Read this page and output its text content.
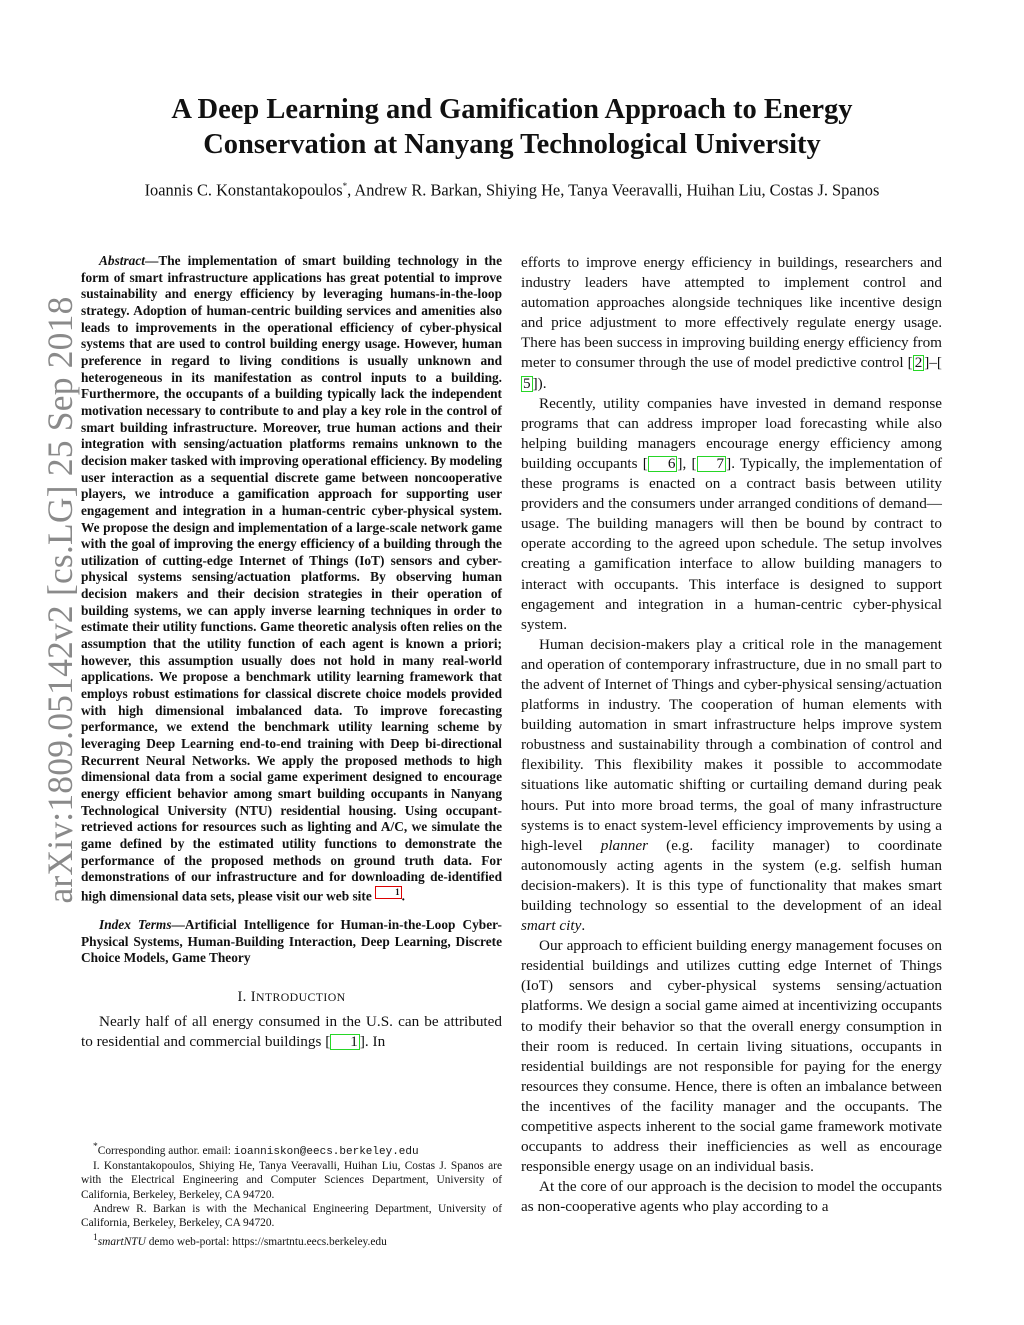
A Deep Learning and Gamification Approach to Energy
Conservation at Nanyang Technological University
Ioannis C. Konstantakopoulos*, Andrew R. Barkan, Shiying He, Tanya Veeravalli, Huihan Liu, Costas J. Spanos
arXiv:1809.05142v2 [cs.LG] 25 Sep 2018

Abstract—The implementation of smart building technology in the form of smart infrastructure applications has great potential to improve sustainability and energy efficiency by leveraging humans-in-the-loop strategy. Adoption of human-centric building services and amenities also leads to improvements in the operational efficiency of cyber-physical systems that are used to control building energy usage. However, human preference in regard to living conditions is usually unknown and heterogeneous in its manifestation as control inputs to a building. Furthermore, the occupants of a building typically lack the independent motivation necessary to contribute to and play a key role in the control of smart building infrastructure. Moreover, true human actions and their integration with sensing/actuation platforms remains unknown to the decision maker tasked with improving operational efficiency. By modeling user interaction as a sequential discrete game between noncooperative players, we introduce a gamification approach for supporting user engagement and integration in a human-centric cyber-physical system. We propose the design and implementation of a large-scale network game with the goal of improving the energy efficiency of a building through the utilization of cutting-edge Internet of Things (IoT) sensors and cyber-physical systems sensing/actuation platforms. By observing human decision makers and their decision strategies in their operation of building systems, we can apply inverse learning techniques in order to estimate their utility functions. Game theoretic analysis often relies on the assumption that the utility function of each agent is known a priori; however, this assumption usually does not hold in many real-world applications. We propose a benchmark utility learning framework that employs robust estimations for classical discrete choice models provided with high dimensional imbalanced data. To improve forecasting performance, we extend the benchmark utility learning scheme by leveraging Deep Learning end-to-end training with Deep bi-directional Recurrent Neural Networks. We apply the proposed methods to high dimensional data from a social game experiment designed to encourage energy efficient behavior among smart building occupants in Nanyang Technological University (NTU) residential housing. Using occupant-retrieved actions for resources such as lighting and A/C, we simulate the game defined by the estimated utility functions to demonstrate the performance of the proposed methods on ground truth data. For demonstrations of our infrastructure and for downloading de-identified high dimensional data sets, please visit our web site	1 .

Index Terms—Artificial Intelligence for Human-in-the-Loop Cyber-Physical Systems, Human-Building Interaction, Deep Learning, Discrete Choice Models, Game Theory

I. INTRODUCTION

Nearly half of all energy consumed in the U.S. can be attributed to residential and commercial buildings [ 1 ]. In

*Corresponding author. email: ioanniskon@eecs.berkeley.edu

I. Konstantakopoulos, Shiying He, Tanya Veeravalli, Huihan Liu, Costas J. Spanos are with the Electrical Engineering and Computer Sciences Department, University of California, Berkeley, Berkeley, CA 94720.

Andrew R. Barkan is with the Mechanical Engineering Department, University of California, Berkeley, Berkeley, CA 94720.

$^1$smartNTU demo web-portal: https://smartntu.eecs.berkeley.edu

efforts to improve energy efficiency in buildings, researchers and industry leaders have attempted to implement control and automation approaches alongside techniques like incentive design and price adjustment to more effectively regulate energy usage. There has been success in improving building energy efficiency from meter to consumer through the use of model predictive control [ 2 ]–[5 ]).

Recently, utility companies have invested in demand response programs that can address improper load forecasting while also helping building managers encourage energy efficiency among building occupants [ 6 ], [ 7 ]. Typically, the implementation of these programs is enacted on a contract basis between utility providers and the consumers under arranged conditions of demand—usage. The building managers will then be bound by contract to operate according to the agreed upon schedule. The setup involves creating a gamification interface to allow building managers to interact with occupants. This interface is designed to support engagement and integration in a human-centric cyber-physical system.

Human decision-makers play a critical role in the management and operation of contemporary infrastructure, due in no small part to the advent of Internet of Things and cyber-physical sensing/actuation platforms in industry. The cooperation of human elements with building automation in smart infrastructure helps improve system robustness and sustainability through a combination of control and flexibility. This flexibility makes it possible to accommodate situations like automatic shifting or curtailing demand during peak hours. Put into more broad terms, the goal of many infrastructure systems is to enact system-level efficiency improvements by using a high-level planner (e.g. facility manager) to coordinate autonomously acting agents in the system (e.g. selfish human decision-makers). It is this type of functionality that makes smart building technology so essential to the development of an ideal smart city.

Our approach to efficient building energy management focuses on residential buildings and utilizes cutting edge Internet of Things (IoT) sensors and cyber-physical systems sensing/actuation platforms. We design a social game aimed at incentivizing occupants to modify their behavior so that the overall energy consumption in their room is reduced. In certain living situations, occupants in residential buildings are not responsible for paying for the energy resources they consume. Hence, there is often an imbalance between the incentives of the facility manager and the occupants. The competitive aspects inherent to the social game framework motivate occupants to address their inefficiencies as well as encourage responsible energy usage on an individual basis.

At the core of our approach is the decision to model the occupants as non-cooperative agents who play according to a
